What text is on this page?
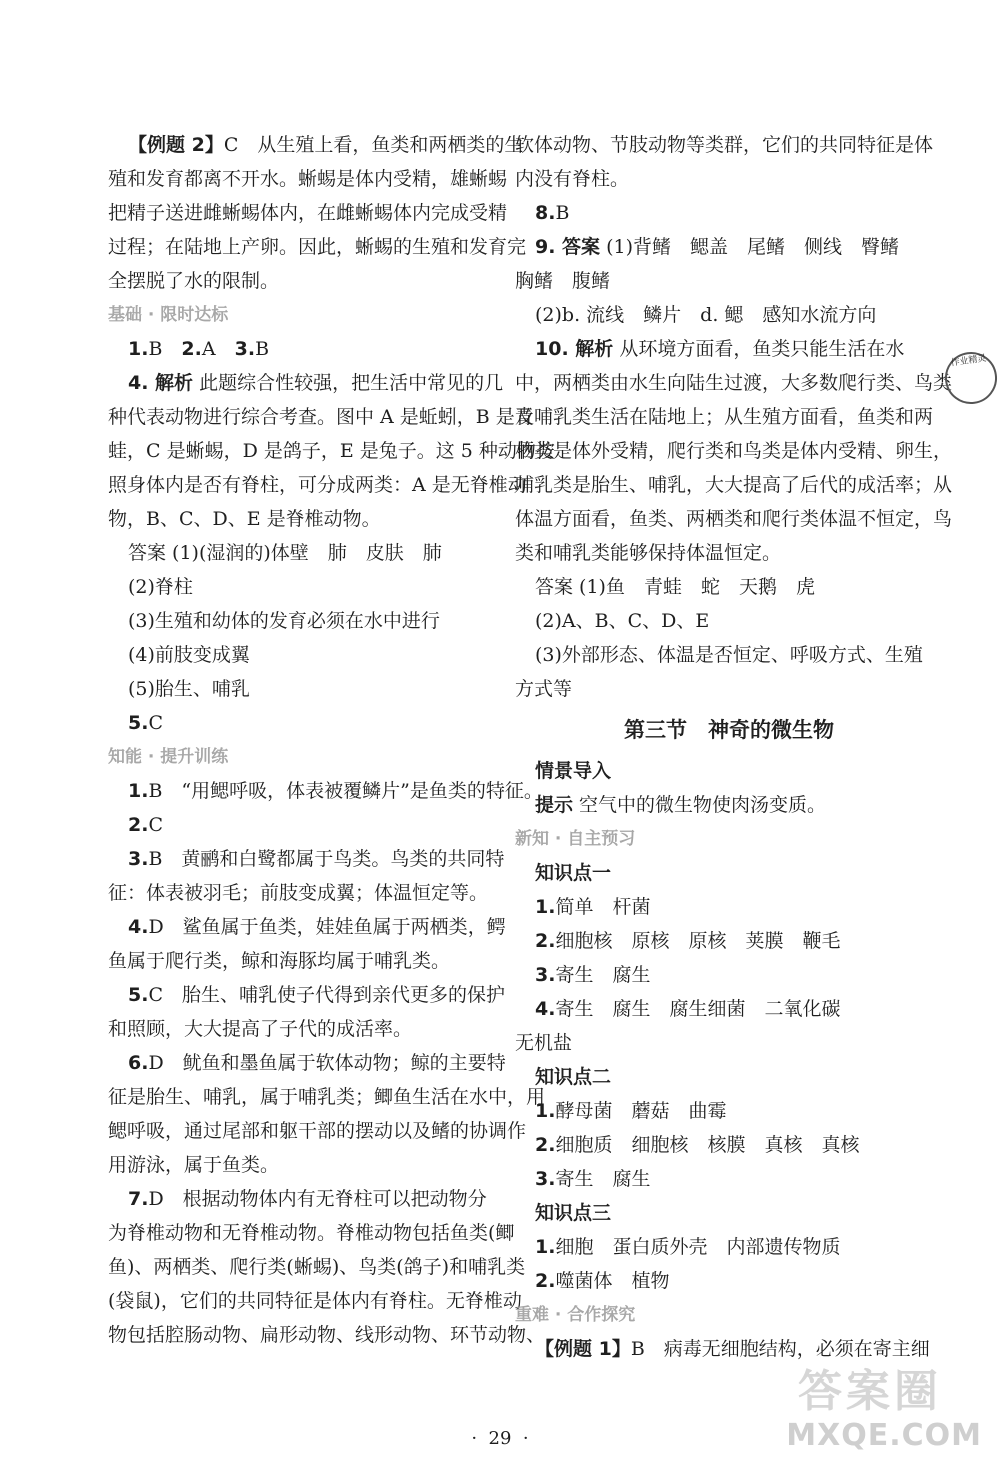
【例题 2】C　从生殖上看，鱼类和两栖类的生
殖和发育都离不开水。蜥蜴是体内受精，雄蜥蜴
把精子送进雌蜥蜴体内，在雌蜥蜴体内完成受精
过程；在陆地上产卵。因此，蜥蜴的生殖和发育完
全摆脱了水的限制。
基础 · 限时达标
1.B　2.A　3.B
4. 解析 此题综合性较强，把生活中常见的几
种代表动物进行综合考查。图中 A 是蚯蚓，B 是青
蛙，C 是蜥蜴，D 是鸽子，E 是兔子。这 5 种动物按
照身体内是否有脊柱，可分成两类：A 是无脊椎动
物，B、C、D、E 是脊椎动物。
答案 (1)(湿润的)体壁　肺　皮肤　肺
(2)脊柱
(3)生殖和幼体的发育必须在水中进行
(4)前肢变成翼
(5)胎生、哺乳
5.C
知能 · 提升训练
1.B　“用鳃呼吸，体表被覆鳞片”是鱼类的特征。
2.C
3.B　黄鹂和白鹭都属于鸟类。鸟类的共同特
征：体表被羽毛；前肢变成翼；体温恒定等。
4.D　鲨鱼属于鱼类，娃娃鱼属于两栖类，鳄
鱼属于爬行类，鲸和海豚均属于哺乳类。
5.C　胎生、哺乳使子代得到亲代更多的保护
和照顾，大大提高了子代的成活率。
6.D　鱿鱼和墨鱼属于软体动物；鲸的主要特
征是胎生、哺乳，属于哺乳类；鲫鱼生活在水中，用
鳃呼吸，通过尾部和躯干部的摆动以及鳍的协调作
用游泳，属于鱼类。
7.D　根据动物体内有无脊柱可以把动物分
为脊椎动物和无脊椎动物。脊椎动物包括鱼类(鲫
鱼)、两栖类、爬行类(蜥蜴)、鸟类(鸽子)和哺乳类
(袋鼠)，它们的共同特征是体内有脊柱。无脊椎动
物包括腔肠动物、扁形动物、线形动物、环节动物、
软体动物、节肢动物等类群，它们的共同特征是体
内没有脊柱。
8.B
9. 答案 (1)背鳍　鳃盖　尾鳍　侧线　臀鳍
胸鳍　腹鳍
(2)b. 流线　鳞片　d. 鳃　感知水流方向
10. 解析 从环境方面看，鱼类只能生活在水
中，两栖类由水生向陆生过渡，大多数爬行类、鸟类
及哺乳类生活在陆地上；从生殖方面看，鱼类和两
栖类是体外受精，爬行类和鸟类是体内受精、卵生，
哺乳类是胎生、哺乳，大大提高了后代的成活率；从
体温方面看，鱼类、两栖类和爬行类体温不恒定，鸟
类和哺乳类能够保持体温恒定。
答案 (1)鱼　青蛙　蛇　天鹅　虎
(2)A、B、C、D、E
(3)外部形态、体温是否恒定、呼吸方式、生殖
方式等
第三节　神奇的微生物
情景导入
提示 空气中的微生物使肉汤变质。
新知 · 自主预习
知识点一
1.简单　杆菌
2.细胞核　原核　原核　荚膜　鞭毛
3.寄生　腐生
4.寄生　腐生　腐生细菌　二氧化碳
无机盐
知识点二
1.酵母菌　蘑菇　曲霉
2.细胞质　细胞核　核膜　真核　真核
3.寄生　腐生
知识点三
1.细胞　蛋白质外壳　内部遗传物质
2.噬菌体　植物
重难 · 合作探究
【例题 1】B　病毒无细胞结构，必须在寄主细
作业精灵
·  29  ·
答案圈
MXQE.COM
